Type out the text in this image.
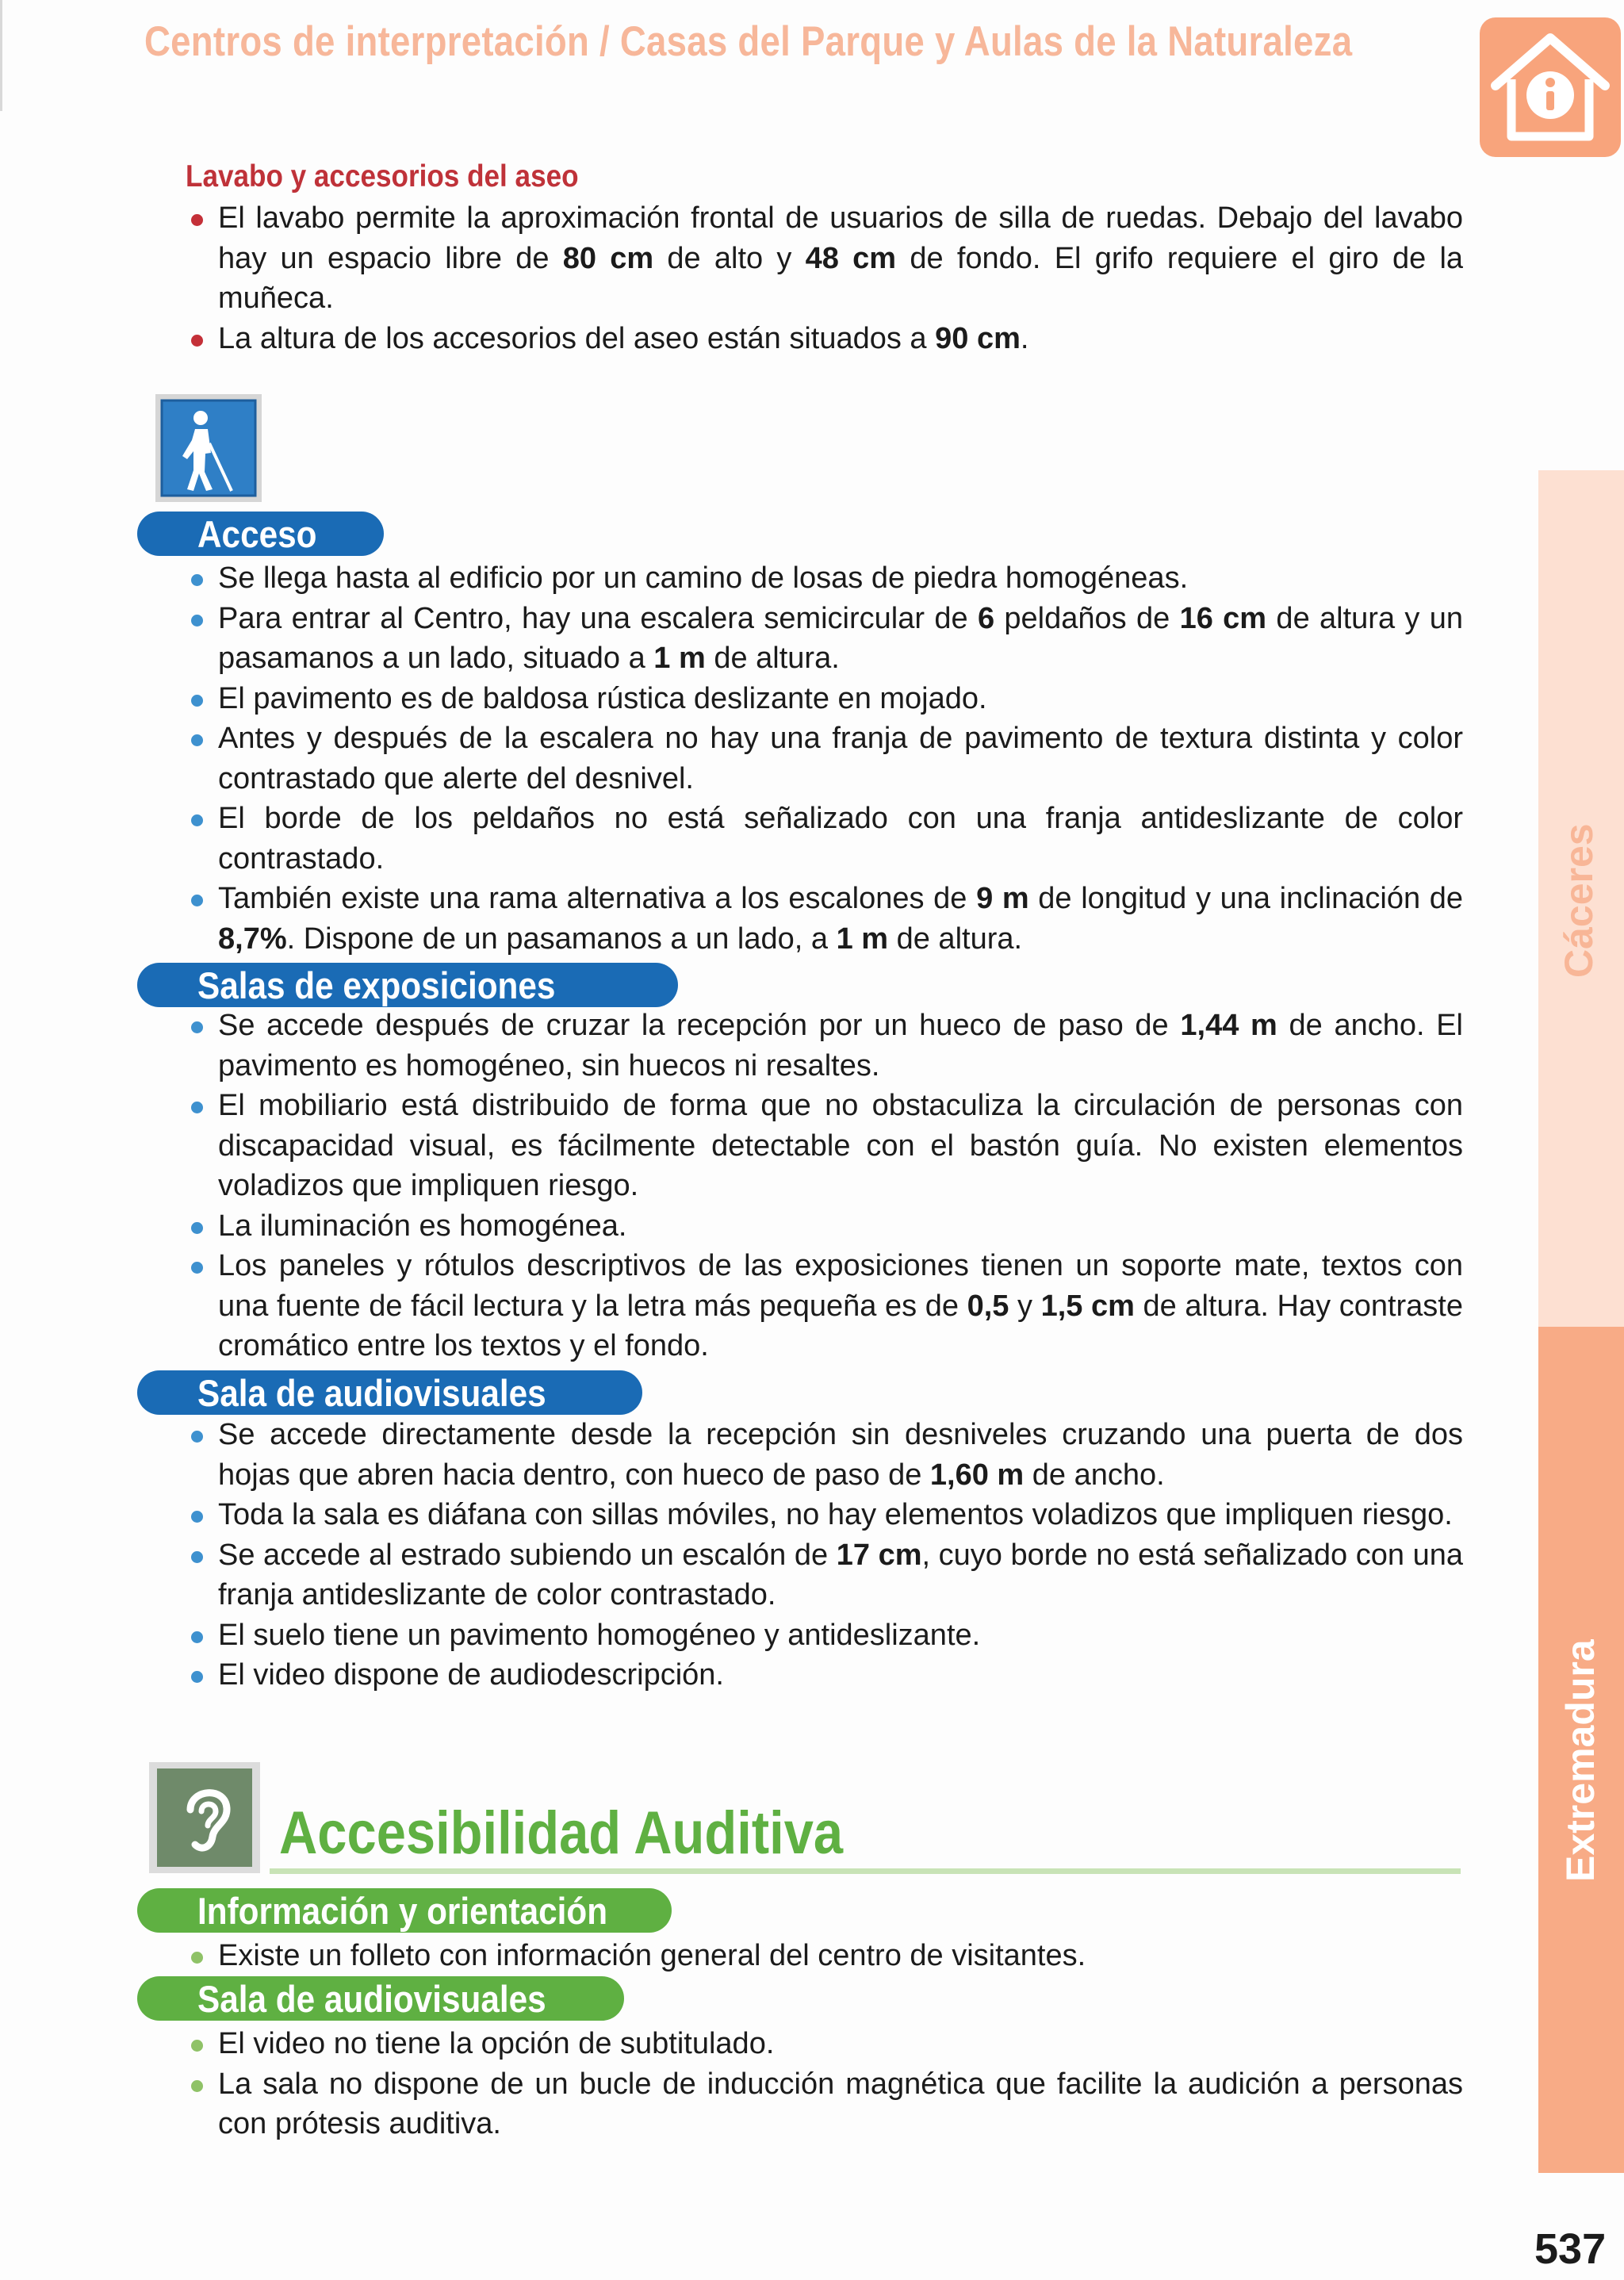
Centros de interpretación / Casas del Parque y Aulas de la Naturaleza
Cáceres
Extremadura
537
Lavabo y accesorios del aseo
El lavabo permite la aproximación frontal de usuarios de silla de ruedas. Debajo del lavabo hay un espacio libre de 80 cm de alto y 48 cm de fondo. El grifo requiere el giro de la muñeca.
La altura de los accesorios del aseo están situados a 90 cm.
Acceso
Se llega hasta al edificio por un camino de losas de piedra homogéneas.
Para entrar al Centro, hay una escalera semicircular de 6 peldaños de 16 cm de altura y un pasamanos a un lado, situado a 1 m de altura.
El pavimento es de baldosa rústica deslizante en mojado.
Antes y después de la escalera no hay una franja de pavimento de textura distinta y color contrastado que alerte del desnivel.
El borde de los peldaños no está señalizado con una franja antideslizante de color contrastado.
También existe una rama alternativa a los escalones de 9 m de longitud y una inclinación de 8,7%. Dispone de un pasamanos a un lado, a 1 m de altura.
Salas de exposiciones
Se accede después de cruzar la recepción por un hueco de paso de 1,44 m de ancho. El pavimento es homogéneo, sin huecos ni resaltes.
El mobiliario está distribuido de forma que no obstaculiza la circulación de personas con discapacidad visual, es fácilmente detectable con el bastón guía. No existen elementos voladizos que impliquen riesgo.
La iluminación es homogénea.
Los paneles y rótulos descriptivos de las exposiciones tienen un soporte mate, textos con una fuente de fácil lectura y la letra más pequeña es de 0,5 y 1,5 cm de altura. Hay contraste cromático entre los textos y el fondo.
Sala de audiovisuales
Se accede directamente desde la recepción sin desniveles cruzando una puerta de dos hojas que abren hacia dentro, con hueco de paso de 1,60 m de ancho.
Toda la sala es diáfana con sillas móviles, no hay elementos voladizos que impliquen riesgo.
Se accede al estrado subiendo un escalón de 17 cm, cuyo borde no está señalizado con una franja antideslizante de color contrastado.
El suelo tiene un pavimento homogéneo y antideslizante.
El video dispone de audiodescripción.
Accesibilidad Auditiva
Información y orientación
Existe un folleto con información general del centro de visitantes.
Sala de audiovisuales
El video no tiene la opción de subtitulado.
La sala no dispone de un bucle de inducción magnética que facilite la audición a personas con prótesis auditiva.
